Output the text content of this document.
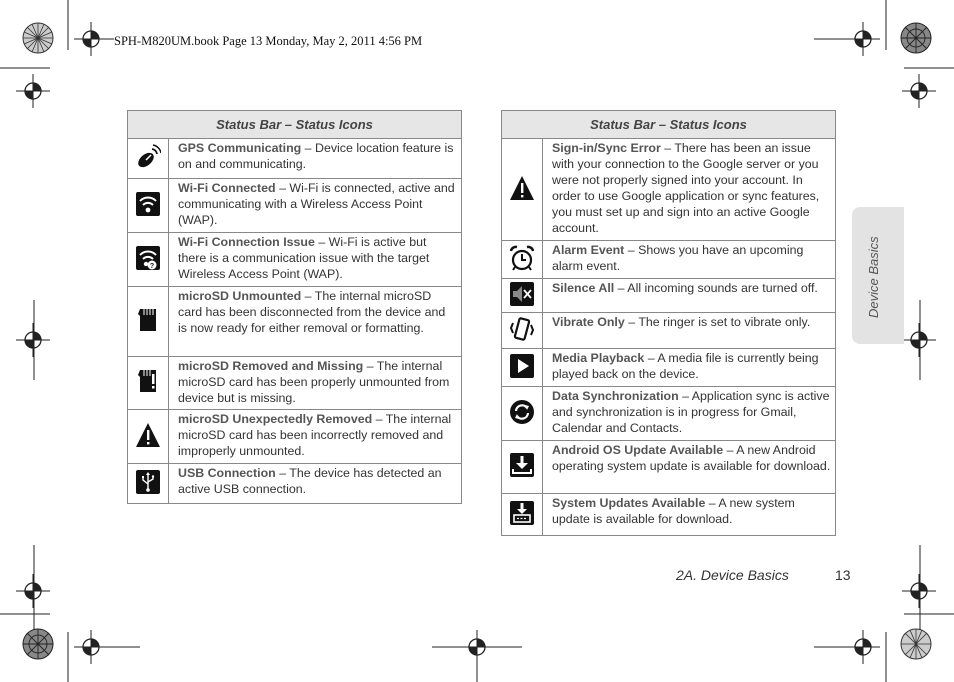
SPH-M820UM.book Page 13 Monday, May 2, 2011 4:56 PM
Status Bar – Status Icons	

	GPS Communicating – Device location feature is on and communicating.

	Wi-Fi Connected – Wi-Fi is connected, active and communicating with a Wireless Access Point (WAP).

?	Wi-Fi Connection Issue – Wi-Fi is active but there is a communication issue with the target Wireless Access Point (WAP).

	microSD Unmounted – The internal microSD card has been disconnected from the device and is now ready for either removal or formatting.

	microSD Removed and Missing – The internal microSD card has been properly unmounted from device but is missing.

	microSD Unexpectedly Removed – The internal microSD card has been incorrectly removed and improperly unmounted.

	USB Connection – The device has detected an active USB connection.
Status Bar – Status Icons	

	Sign-in/Sync Error – There has been an issue with your connection to the Google server or you were not properly signed into your account. In order to use Google application or sync features, you must set up and sign into an active Google account.

	Alarm Event – Shows you have an upcoming alarm event.

	Silence All – All incoming sounds are turned off.

	Vibrate Only – The ringer is set to vibrate only.

	Media Playback – A media file is currently being played back on the device.

	Data Synchronization – Application sync is active and synchronization is in progress for Gmail, Calendar and Contacts.

	Android OS Update Available – A new Android operating system update is available for download.

	System Updates Available – A new system update is available for download.
Device Basics
2A. Device Basics	13
